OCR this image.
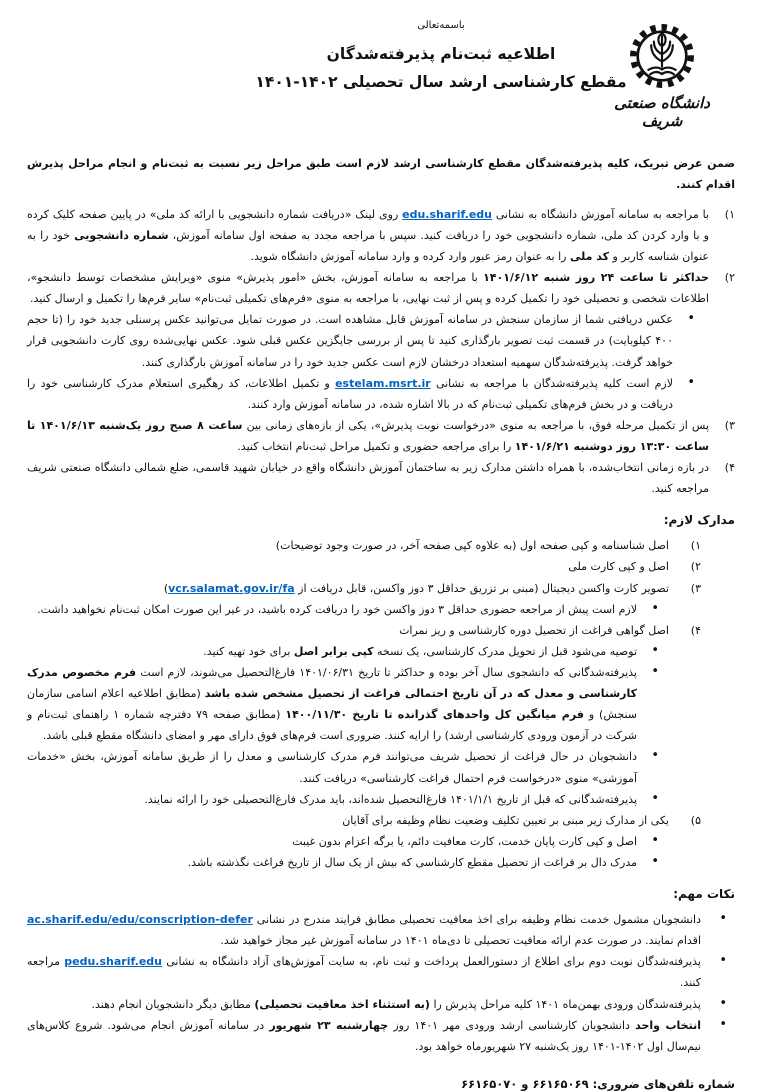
دانشگاه صنعتی شریف
باسمه‌تعالی
اطلاعیه ثبت‌نام پذیرفته‌شدگان
مقطع کارشناسی ارشد سال تحصیلی ۱۴۰۲-۱۴۰۱
ضمن عرض تبریک، کلیه پذیرفته‌شدگان مقطع کارشناسی ارشد لازم است طبق مراحل زیر نسبت به ثبت‌نام و انجام مراحل پذیرش اقدام کنند.
۱)
با مراجعه به سامانه آموزش دانشگاه به نشانی edu.sharif.edu روی لینک «دریافت شماره دانشجویی با ارائه کد ملی» در پایین صفحه کلیک کرده و با وارد کردن کد ملی، شماره دانشجویی خود را دریافت کنید. سپس با مراجعه مجدد به صفحه اول سامانه آموزش، شماره دانشجویی خود را به عنوان شناسه کاربر و کد ملی را به عنوان رمز عبور وارد کرده و وارد سامانه آموزش دانشگاه شوید.
۲)
حداکثر تا ساعت ۲۴ روز شنبه ۱۴۰۱/۶/۱۲ با مراجعه به سامانه آموزش، بخش «امور پذیرش» منوی «ویرایش مشخصات توسط دانشجو»، اطلاعات شخصی و تحصیلی خود را تکمیل کرده و پس از ثبت نهایی، با مراجعه به منوی «فرم‌های تکمیلی ثبت‌نام» سایر فرم‌ها را تکمیل و ارسال کنید.
•
عکس دریافتی شما از سازمان سنجش در سامانه آموزش قابل مشاهده است. در صورت تمایل می‌توانید عکس پرسنلی جدید خود را (تا حجم ۴۰۰ کیلوبایت) در قسمت ثبت تصویر بارگذاری کنید تا پس از بررسی جایگزین عکس قبلی شود. عکس نهایی‌شده روی کارت دانشجویی قرار خواهد گرفت. پذیرفته‌شدگان سهمیه استعداد درخشان لازم است عکس جدید خود را در سامانه آموزش بارگذاری کنند.
•
لازم است کلیه پذیرفته‌شدگان با مراجعه به نشانی estelam.msrt.ir و تکمیل اطلاعات، کد رهگیری استعلام مدرک کارشناسی خود را دریافت و در بخش فرم‌های تکمیلی ثبت‌نام که در بالا اشاره شده، در سامانه آموزش وارد کنند.
۳)
پس از تکمیل مرحله فوق، با مراجعه به منوی «درخواست نوبت پذیرش»، یکی از بازه‌های زمانی بین ساعت ۸ صبح روز یک‌شنبه ۱۴۰۱/۶/۱۳ تا ساعت ۱۳:۳۰ روز دوشنبه ۱۴۰۱/۶/۲۱ را برای مراجعه حضوری و تکمیل مراحل ثبت‌نام انتخاب کنید.
۴)
در بازه زمانی انتخاب‌شده، با همراه داشتن مدارک زیر به ساختمان آموزش دانشگاه واقع در خیابان شهید قاسمی، ضلع شمالی دانشگاه صنعتی شریف مراجعه کنید.
مدارک لازم:
۱)
اصل شناسنامه و کپی صفحه اول (به علاوه کپی صفحه آخر، در صورت وجود توضیحات)
۲)
اصل و کپی کارت ملی
۳)
تصویر کارت واکسن دیجیتال (مبنی بر تزریق حداقل ۳ دوز واکسن، قابل دریافت از vcr.salamat.gov.ir/fa)
•
لازم است پیش از مراجعه حضوری حداقل ۳ دوز واکسن خود را دریافت کرده باشید، در غیر این صورت امکان ثبت‌نام نخواهید داشت.
۴)
اصل گواهی فراغت از تحصیل دوره کارشناسی و ریز نمرات
•
توصیه می‌شود قبل از تحویل مدرک کارشناسی، یک نسخه کپی برابر اصل برای خود تهیه کنید.
•
پذیرفته‌شدگانی که دانشجوی سال آخر بوده و حداکثر تا تاریخ ۱۴۰۱/۰۶/۳۱ فارغ‌التحصیل می‌شوند، لازم است فرم مخصوص مدرک کارشناسی و معدل که در آن تاریخ احتمالی فراغت از تحصیل مشخص شده باشد (مطابق اطلاعیه اعلام اسامی سازمان سنجش) و فرم میانگین کل واحدهای گذرانده تا تاریخ ۱۴۰۰/۱۱/۳۰ (مطابق صفحه ۷۹ دفترچه شماره ۱ راهنمای ثبت‌نام و شرکت در آزمون ورودی کارشناسی ارشد) را ارایه کنند. ضروری است فرم‌های فوق دارای مهر و امضای دانشگاه مقطع قبلی باشد.
•
دانشجویان در حال فراغت از تحصیل شریف می‌توانند فرم مدرک کارشناسی و معدل را از طریق سامانه آموزش، بخش «خدمات آموزشی» منوی «درخواست فرم احتمال فراغت کارشناسی» دریافت کنند.
•
پذیرفته‌شدگانی که قبل از تاریخ ۱۴۰۱/۱/۱ فارغ‌التحصیل شده‌اند، باید مدرک فارغ‌التحصیلی خود را ارائه نمایند.
۵)
یکی از مدارک زیر مبنی بر تعیین تکلیف وضعیت نظام وظیفه برای آقایان
•
اصل و کپی کارت پایان خدمت، کارت معافیت دائم، یا برگه اعزام بدون غیبت
•
مدرک دال بر فراغت از تحصیل مقطع کارشناسی که بیش از یک سال از تاریخ فراغت نگذشته باشد.
نکات مهم:
•
دانشجویان مشمول خدمت نظام وظیفه برای اخذ معافیت تحصیلی مطابق فرایند مندرج در نشانی ac.sharif.edu/edu/conscription-defer اقدام نمایند. در صورت عدم ارائه معافیت تحصیلی تا دی‌ماه ۱۴۰۱ در سامانه آموزش غیر مجاز خواهید شد.
•
پذیرفته‌شدگان نوبت دوم برای اطلاع از دستورالعمل پرداخت و ثبت نام، به سایت آموزش‌های آزاد دانشگاه به نشانی pedu.sharif.edu مراجعه کنند.
•
پذیرفته‌شدگان ورودی بهمن‌ماه ۱۴۰۱ کلیه مراحل پذیرش را (به استثناء اخذ معافیت تحصیلی) مطابق دیگر دانشجویان انجام دهند.
•
انتخاب واحد دانشجویان کارشناسی ارشد ورودی مهر ۱۴۰۱ روز چهارشنبه ۲۳ شهریور در سامانه آموزش انجام می‌شود. شروع کلاس‌های نیم‌سال اول ۱۴۰۲-۱۴۰۱ روز یک‌شنبه ۲۷ شهریورماه خواهد بود.
شماره تلفن‌های ضروری: ۶۶۱۶۵۰۶۹ و ۶۶۱۶۵۰۷۰
